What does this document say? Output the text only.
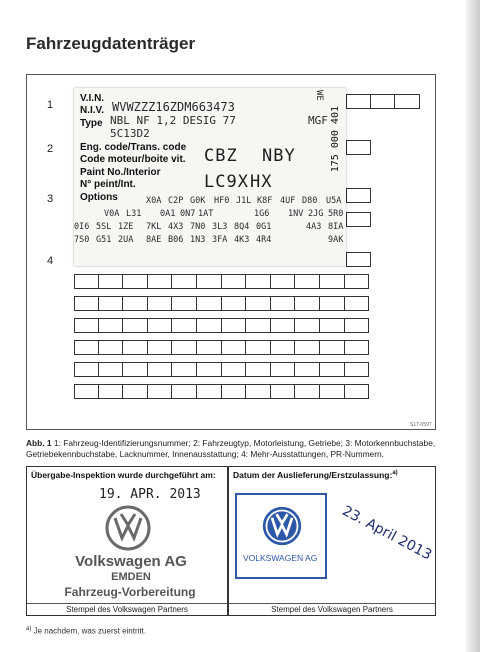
Fahrzeugdatenträger
1
2
3
4
V.I.N.
N.I.V. WVWZZZ16ZDM663473
Type NBL NF 1,2 DESIG 77	MGF
5C13D2
Eng. code/Trans. code
Code moteur/boite vit. CBZ NBY
Paint No./Interior
N° peint/Int.	LC9X HX
Options	X0A C2P G0K HF0 J1L K8F 4UF D80 U5A
V0A L31 0A1 0N7 1AT	1G6 1NV 2JG 5R0
0I6 5SL 1ZE 7KL 4X3 7N0 3L3 8Q4 0G1	4A3 8IA
7S0 G51 2UA 8AE B06 1N3 3FA 4K3 4R4	9AK
175 000 401
WE
S1T-0597
Abb. 1 1: Fahrzeug-Identifizierungsnummer; 2: Fahrzeugtyp, Motorleistung, Getriebe; 3: Motorkennbuchstabe, Getriebekennbuchstabe, Lacknummer, Innenausstattung; 4: Mehr-Ausstattungen, PR-Nummern.
Übergabe-Inspektion wurde durchgeführt am:
19. APR. 2013
Volkswagen AG
EMDEN
Fahrzeug-Vorbereitung
Stempel des Volkswagen Partners
Datum der Auslieferung/Erstzulassung:$^{a)}$
VOLKSWAGEN AG 23. April 2013
Stempel des Volkswagen Partners
$^{a)}$ Je nachdem, was zuerst eintritt.
